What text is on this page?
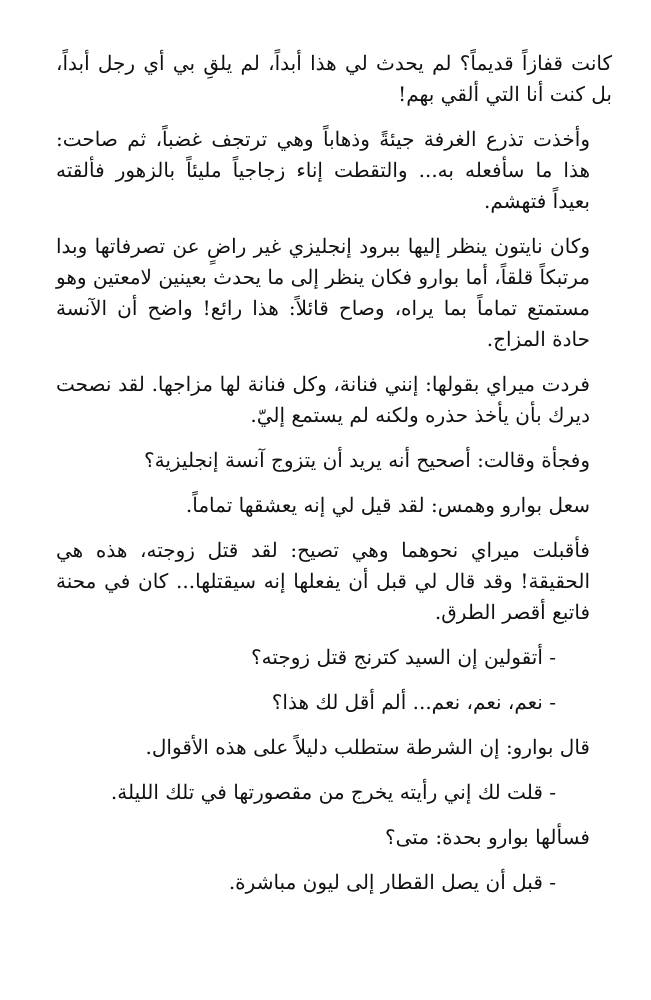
كانت قفازاً قديماً؟ لم يحدث لي هذا أبداً، لم يلقِ بي أي رجل أبداً، بل كنت أنا التي ألقي بهم!

وأخذت تذرع الغرفة جيئةً وذهاباً وهي ترتجف غضباً، ثم صاحت: هذا ما سأفعله به... والتقطت إناء زجاجياً مليئاً بالزهور فألقته بعيداً فتهشم.

وكان نايتون ينظر إليها ببرود إنجليزي غير راضٍ عن تصرفاتها وبدا مرتبكاً قلقاً، أما بوارو فكان ينظر إلى ما يحدث بعينين لامعتين وهو مستمتع تماماً بما يراه، وصاح قائلاً: هذا رائع! واضح أن الآنسة حادة المزاج.

فردت ميراي بقولها: إنني فنانة، وكل فنانة لها مزاجها. لقد نصحت ديرك بأن يأخذ حذره ولكنه لم يستمع إليّ.

وفجأة وقالت: أصحيح أنه يريد أن يتزوج آنسة إنجليزية؟

سعل بوارو وهمس: لقد قيل لي إنه يعشقها تماماً.

فأقبلت ميراي نحوهما وهي تصيح: لقد قتل زوجته، هذه هي الحقيقة! وقد قال لي قبل أن يفعلها إنه سيقتلها... كان في محنة فاتبع أقصر الطرق.

- أتقولين إن السيد كترنج قتل زوجته؟

- نعم، نعم، نعم... ألم أقل لك هذا؟

قال بوارو: إن الشرطة ستطلب دليلاً على هذه الأقوال.

- قلت لك إني رأيته يخرج من مقصورتها في تلك الليلة.

فسألها بوارو بحدة: متى؟

- قبل أن يصل القطار إلى ليون مباشرة.
